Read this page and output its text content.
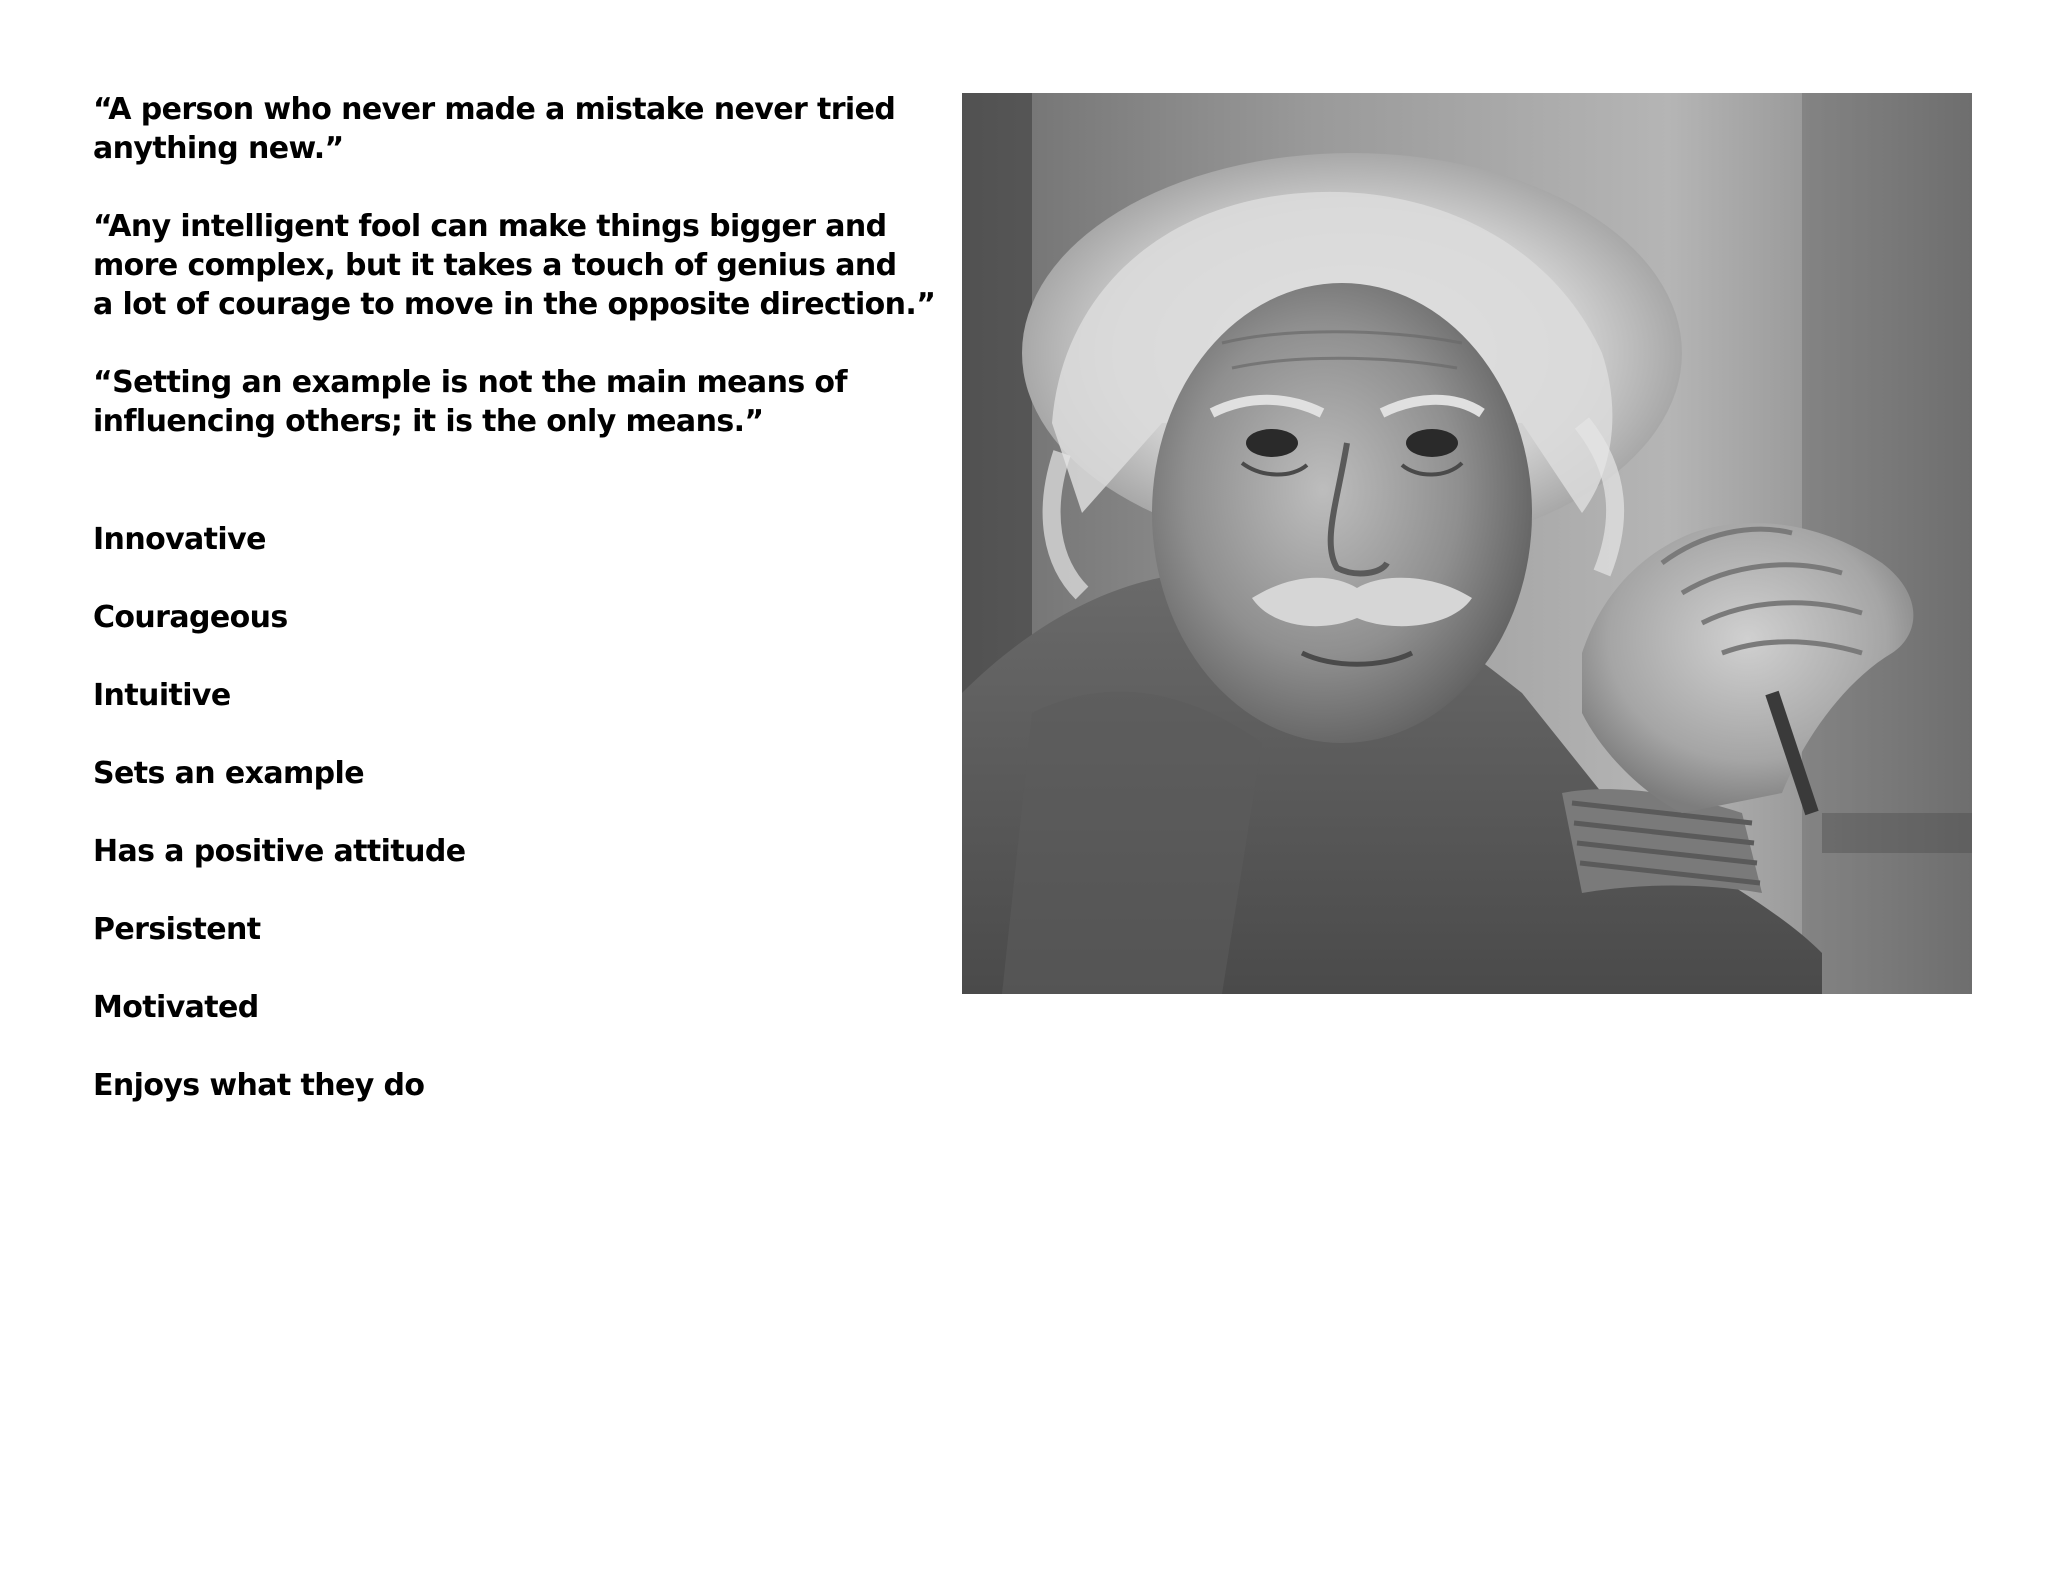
“A person who never made a mistake never tried
anything new.”
“Any intelligent fool can make things bigger and
more complex, but it takes a touch of genius and
a lot of courage to move in the opposite direction.”
“Setting an example is not the main means of
influencing others; it is the only means.”
Innovative
Courageous
Intuitive
Sets an example
Has a positive attitude
Persistent
Motivated
Enjoys what they do
